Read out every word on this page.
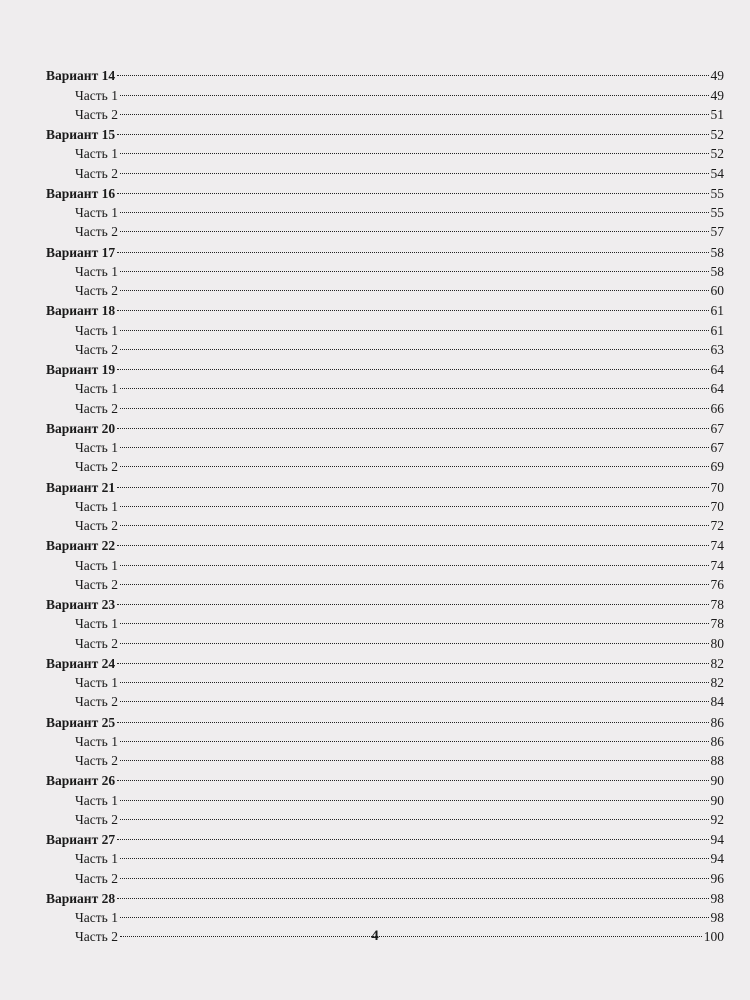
Вариант 14	49
Часть 1	49
Часть 2	51
Вариант 15	52
Часть 1	52
Часть 2	54
Вариант 16	55
Часть 1	55
Часть 2	57
Вариант 17	58
Часть 1	58
Часть 2	60
Вариант 18	61
Часть 1	61
Часть 2	63
Вариант 19	64
Часть 1	64
Часть 2	66
Вариант 20	67
Часть 1	67
Часть 2	69
Вариант 21	70
Часть 1	70
Часть 2	72
Вариант 22	74
Часть 1	74
Часть 2	76
Вариант 23	78
Часть 1	78
Часть 2	80
Вариант 24	82
Часть 1	82
Часть 2	84
Вариант 25	86
Часть 1	86
Часть 2	88
Вариант 26	90
Часть 1	90
Часть 2	92
Вариант 27	94
Часть 1	94
Часть 2	96
Вариант 28	98
Часть 1	98
Часть 2	100
4
